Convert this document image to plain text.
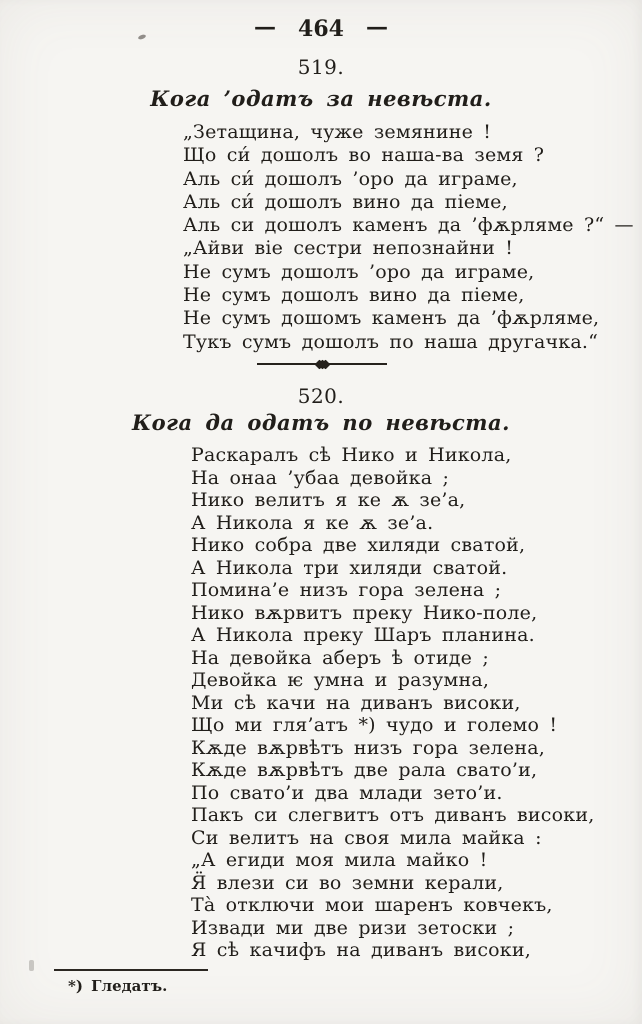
— 464 —
519.
Кога ’одатъ за невѣста.
„Зетащина, чуже земянине !
Що си́ дошолъ во наша-ва земя ?
Аль си́ дошолъ ’оро да играме,
Аль си́ дошолъ вино да піеме,
Аль си дошолъ каменъ да ’фѫрляме ?“ —
„Айви віе сестри непознайни !
Не сумъ дошолъ ’оро да играме,
Не сумъ дошолъ вино да піеме,
Не сумъ дошомъ каменъ да ’фѫрляме,
Тукъ сумъ дошолъ по наша другачка.“
520.
Кога да одатъ по невѣста.
Раскаралъ сѣ Нико и Никола,
На онаа ’убаа девойка ;
Нико велитъ я ке ѫ зе’а,
А Никола я ке ѫ зе’а.
Нико собра две хиляди сватой,
А Никола три хиляди сватой.
Помина’е низъ гора зелена ;
Нико вѫрвитъ преку Нико-поле,
А Никола преку Шаръ планина.
На девойка аберъ ѣ отиде ;
Девойка ѥ умна и разумна,
Ми сѣ качи на диванъ високи,
Що ми гля’атъ *) чудо и големо !
Кѫде вѫрвѣтъ низъ гора зелена,
Кѫде вѫрвѣтъ две рала свато’и,
По свато’и два млади зето’и.
Пакъ си слегвитъ отъ диванъ високи,
Си велитъ на своя мила майка :
„А егиди моя мила майко !
Я̈ влези си во земни керали,
Та̀ отключи мои шаренъ ковчекъ,
Извади ми две ризи зетоски ;
Я сѣ качифъ на диванъ високи,
*) Гледатъ.
